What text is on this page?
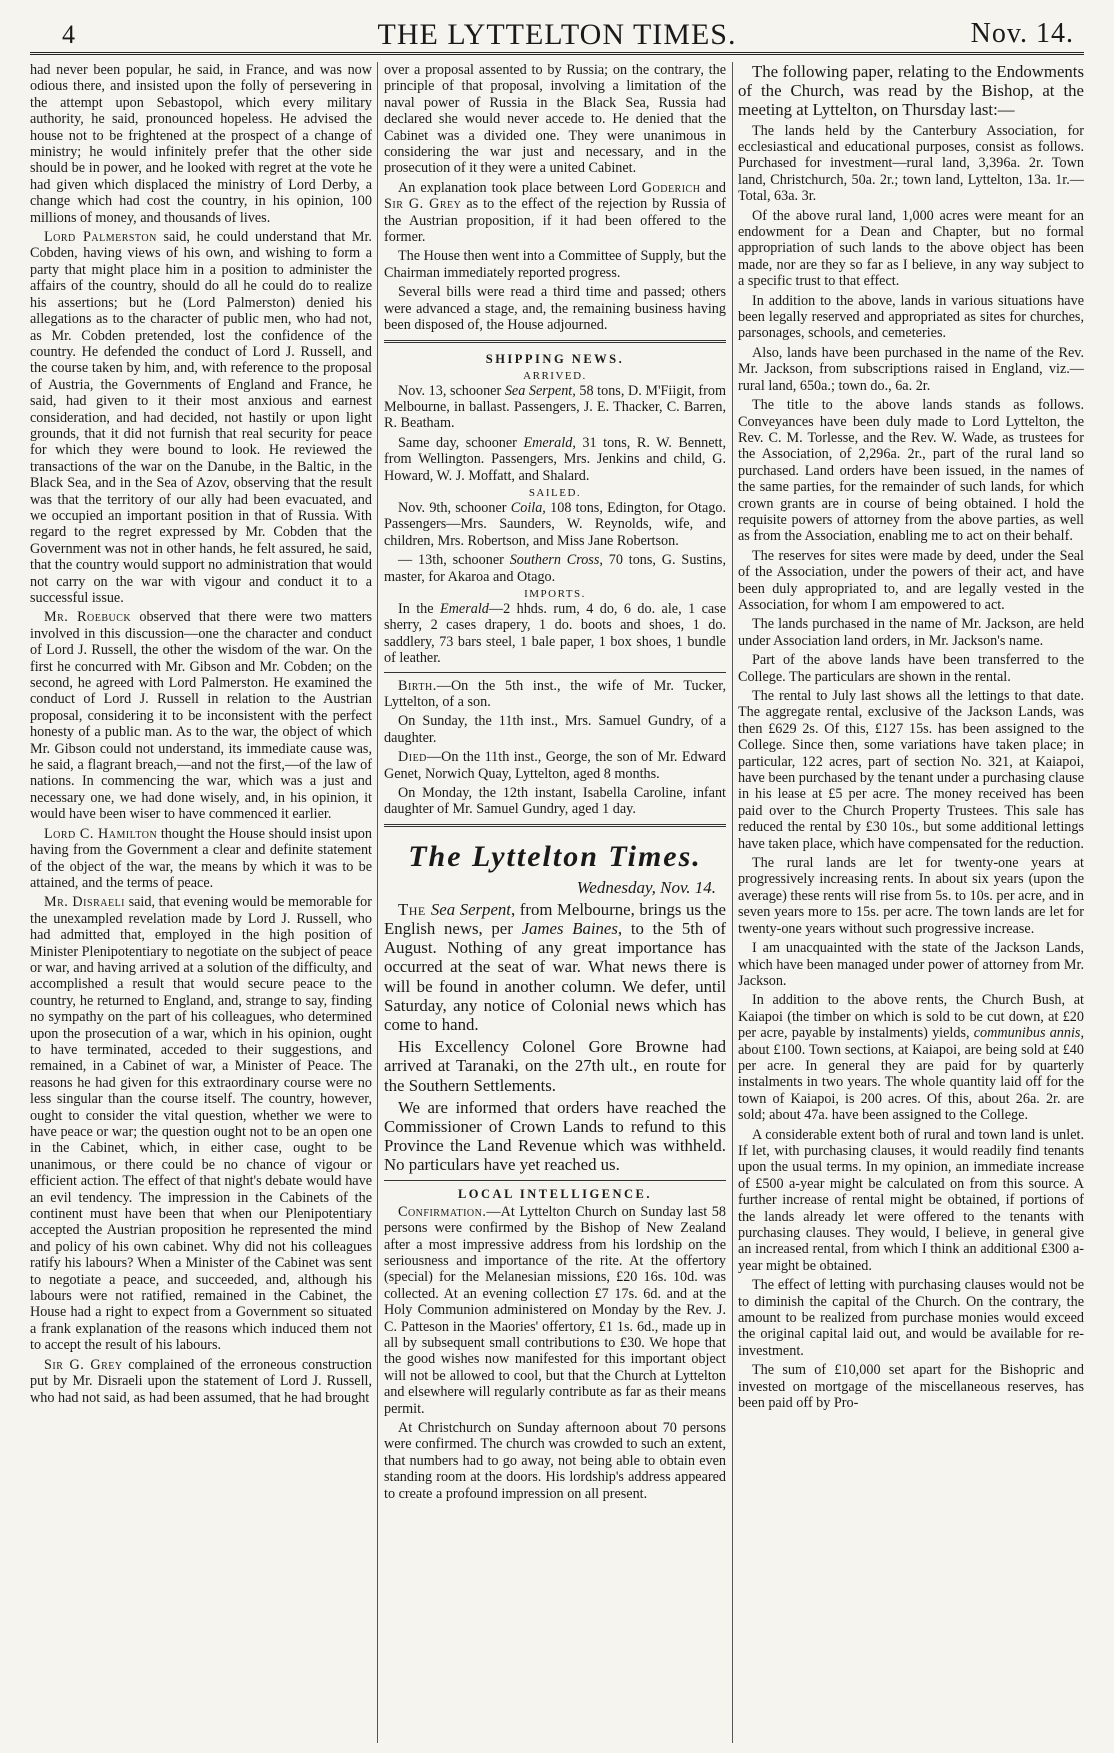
4	THE LYTTELTON TIMES.	Nov. 14.

had never been popular, he said, in France, and was now odious there, and insisted upon the folly of persevering in the attempt upon Sebastopol, which every military authority, he said, pronounced hopeless. He advised the house not to be frightened at the prospect of a change of ministry; he would infinitely prefer that the other side should be in power, and he looked with regret at the vote he had given which displaced the ministry of Lord Derby, a change which had cost the country, in his opinion, 100 millions of money, and thousands of lives.

Lord Palmerston said, he could understand that Mr. Cobden, having views of his own, and wishing to form a party that might place him in a position to administer the affairs of the country, should do all he could do to realize his assertions; but he (Lord Palmerston) denied his allegations as to the character of public men, who had not, as Mr. Cobden pretended, lost the confidence of the country. He defended the conduct of Lord J. Russell, and the course taken by him, and, with reference to the proposal of Austria, the Governments of England and France, he said, had given to it their most anxious and earnest consideration, and had decided, not hastily or upon light grounds, that it did not furnish that real security for peace for which they were bound to look. He reviewed the transactions of the war on the Danube, in the Baltic, in the Black Sea, and in the Sea of Azov, observing that the result was that the territory of our ally had been evacuated, and we occupied an important position in that of Russia. With regard to the regret expressed by Mr. Cobden that the Government was not in other hands, he felt assured, he said, that the country would support no administration that would not carry on the war with vigour and conduct it to a successful issue.

Mr. Roebuck observed that there were two matters involved in this discussion—one the character and conduct of Lord J. Russell, the other the wisdom of the war. On the first he concurred with Mr. Gibson and Mr. Cobden; on the second, he agreed with Lord Palmerston. He examined the conduct of Lord J. Russell in relation to the Austrian proposal, considering it to be inconsistent with the perfect honesty of a public man. As to the war, the object of which Mr. Gibson could not understand, its immediate cause was, he said, a flagrant breach,—and not the first,—of the law of nations. In commencing the war, which was a just and necessary one, we had done wisely, and, in his opinion, it would have been wiser to have commenced it earlier.

Lord C. Hamilton thought the House should insist upon having from the Government a clear and definite statement of the object of the war, the means by which it was to be attained, and the terms of peace.

Mr. Disraeli said, that evening would be memorable for the unexampled revelation made by Lord J. Russell, who had admitted that, employed in the high position of Minister Plenipotentiary to negotiate on the subject of peace or war, and having arrived at a solution of the difficulty, and accomplished a result that would secure peace to the country, he returned to England, and, strange to say, finding no sympathy on the part of his colleagues, who determined upon the prosecution of a war, which in his opinion, ought to have terminated, acceded to their suggestions, and remained, in a Cabinet of war, a Minister of Peace. The reasons he had given for this extraordinary course were no less singular than the course itself. The country, however, ought to consider the vital question, whether we were to have peace or war; the question ought not to be an open one in the Cabinet, which, in either case, ought to be unanimous, or there could be no chance of vigour or efficient action. The effect of that night's debate would have an evil tendency. The impression in the Cabinets of the continent must have been that when our Plenipotentiary accepted the Austrian proposition he represented the mind and policy of his own cabinet. Why did not his colleagues ratify his labours? When a Minister of the Cabinet was sent to negotiate a peace, and succeeded, and, although his labours were not ratified, remained in the Cabinet, the House had a right to expect from a Government so situated a frank explanation of the reasons which induced them not to accept the result of his labours.

Sir G. Grey complained of the erroneous construction put by Mr. Disraeli upon the statement of Lord J. Russell, who had not said, as had been assumed, that he had brought

over a proposal assented to by Russia; on the contrary, the principle of that proposal, involving a limitation of the naval power of Russia in the Black Sea, Russia had declared she would never accede to. He denied that the Cabinet was a divided one. They were unanimous in considering the war just and necessary, and in the prosecution of it they were a united Cabinet.

An explanation took place between Lord Goderich and Sir G. Grey as to the effect of the rejection by Russia of the Austrian proposition, if it had been offered to the former.

The House then went into a Committee of Supply, but the Chairman immediately reported progress.

Several bills were read a third time and passed; others were advanced a stage, and, the remaining business having been disposed of, the House adjourned.

SHIPPING NEWS.
ARRIVED.

Nov. 13, schooner Sea Serpent, 58 tons, D. M'Fiigit, from Melbourne, in ballast. Passengers, J. E. Thacker, C. Barren, R. Beatham.

Same day, schooner Emerald, 31 tons, R. W. Bennett, from Wellington. Passengers, Mrs. Jenkins and child, G. Howard, W. J. Moffatt, and Shalard.

SAILED.

Nov. 9th, schooner Coila, 108 tons, Edington, for Otago. Passengers—Mrs. Saunders, W. Reynolds, wife, and children, Mrs. Robertson, and Miss Jane Robertson.

— 13th, schooner Southern Cross, 70 tons, G. Sustins, master, for Akaroa and Otago.

IMPORTS.

In the Emerald—2 hhds. rum, 4 do, 6 do. ale, 1 case sherry, 2 cases drapery, 1 do. boots and shoes, 1 do. saddlery, 73 bars steel, 1 bale paper, 1 box shoes, 1 bundle of leather.

Birth.—On the 5th inst., the wife of Mr. Tucker, Lyttelton, of a son.

On Sunday, the 11th inst., Mrs. Samuel Gundry, of a daughter.

Died—On the 11th inst., George, the son of Mr. Edward Genet, Norwich Quay, Lyttelton, aged 8 months.

On Monday, the 12th instant, Isabella Caroline, infant daughter of Mr. Samuel Gundry, aged 1 day.

The Lyttelton Times.
Wednesday, Nov. 14.

The Sea Serpent, from Melbourne, brings us the English news, per James Baines, to the 5th of August. Nothing of any great importance has occurred at the seat of war. What news there is will be found in another column. We defer, until Saturday, any notice of Colonial news which has come to hand.

His Excellency Colonel Gore Browne had arrived at Taranaki, on the 27th ult., en route for the Southern Settlements.

We are informed that orders have reached the Commissioner of Crown Lands to refund to this Province the Land Revenue which was withheld. No particulars have yet reached us.

LOCAL INTELLIGENCE.

Confirmation.—At Lyttelton Church on Sunday last 58 persons were confirmed by the Bishop of New Zealand after a most impressive address from his lordship on the seriousness and importance of the rite. At the offertory (special) for the Melanesian missions, £20 16s. 10d. was collected. At an evening collection £7 17s. 6d. and at the Holy Communion administered on Monday by the Rev. J. C. Patteson in the Maories' offertory, £1 1s. 6d., made up in all by subsequent small contributions to £30. We hope that the good wishes now manifested for this important object will not be allowed to cool, but that the Church at Lyttelton and elsewhere will regularly contribute as far as their means permit.

At Christchurch on Sunday afternoon about 70 persons were confirmed. The church was crowded to such an extent, that numbers had to go away, not being able to obtain even standing room at the doors. His lordship's address appeared to create a profound impression on all present.

The following paper, relating to the Endowments of the Church, was read by the Bishop, at the meeting at Lyttelton, on Thursday last:—

The lands held by the Canterbury Association, for ecclesiastical and educational purposes, consist as follows. Purchased for investment—rural land, 3,396a. 2r. Town land, Christchurch, 50a. 2r.; town land, Lyttelton, 13a. 1r.—Total, 63a. 3r.

Of the above rural land, 1,000 acres were meant for an endowment for a Dean and Chapter, but no formal appropriation of such lands to the above object has been made, nor are they so far as I believe, in any way subject to a specific trust to that effect.

In addition to the above, lands in various situations have been legally reserved and appropriated as sites for churches, parsonages, schools, and cemeteries.

Also, lands have been purchased in the name of the Rev. Mr. Jackson, from subscriptions raised in England, viz.—rural land, 650a.; town do., 6a. 2r.

The title to the above lands stands as follows. Conveyances have been duly made to Lord Lyttelton, the Rev. C. M. Torlesse, and the Rev. W. Wade, as trustees for the Association, of 2,296a. 2r., part of the rural land so purchased. Land orders have been issued, in the names of the same parties, for the remainder of such lands, for which crown grants are in course of being obtained. I hold the requisite powers of attorney from the above parties, as well as from the Association, enabling me to act on their behalf.

The reserves for sites were made by deed, under the Seal of the Association, under the powers of their act, and have been duly appropriated to, and are legally vested in the Association, for whom I am empowered to act.

The lands purchased in the name of Mr. Jackson, are held under Association land orders, in Mr. Jackson's name.

Part of the above lands have been transferred to the College. The particulars are shown in the rental.

The rental to July last shows all the lettings to that date. The aggregate rental, exclusive of the Jackson Lands, was then £629 2s. Of this, £127 15s. has been assigned to the College. Since then, some variations have taken place; in particular, 122 acres, part of section No. 321, at Kaiapoi, have been purchased by the tenant under a purchasing clause in his lease at £5 per acre. The money received has been paid over to the Church Property Trustees. This sale has reduced the rental by £30 10s., but some additional lettings have taken place, which have compensated for the reduction.

The rural lands are let for twenty-one years at progressively increasing rents. In about six years (upon the average) these rents will rise from 5s. to 10s. per acre, and in seven years more to 15s. per acre. The town lands are let for twenty-one years without such progressive increase.

I am unacquainted with the state of the Jackson Lands, which have been managed under power of attorney from Mr. Jackson.

In addition to the above rents, the Church Bush, at Kaiapoi (the timber on which is sold to be cut down, at £20 per acre, payable by instalments) yields, communibus annis, about £100. Town sections, at Kaiapoi, are being sold at £40 per acre. In general they are paid for by quarterly instalments in two years. The whole quantity laid off for the town of Kaiapoi, is 200 acres. Of this, about 26a. 2r. are sold; about 47a. have been assigned to the College.

A considerable extent both of rural and town land is unlet. If let, with purchasing clauses, it would readily find tenants upon the usual terms. In my opinion, an immediate increase of £500 a-year might be calculated on from this source. A further increase of rental might be obtained, if portions of the lands already let were offered to the tenants with purchasing clauses. They would, I believe, in general give an increased rental, from which I think an additional £300 a-year might be obtained.

The effect of letting with purchasing clauses would not be to diminish the capital of the Church. On the contrary, the amount to be realized from purchase monies would exceed the original capital laid out, and would be available for re-investment.

The sum of £10,000 set apart for the Bishopric and invested on mortgage of the miscellaneous reserves, has been paid off by Pro-
